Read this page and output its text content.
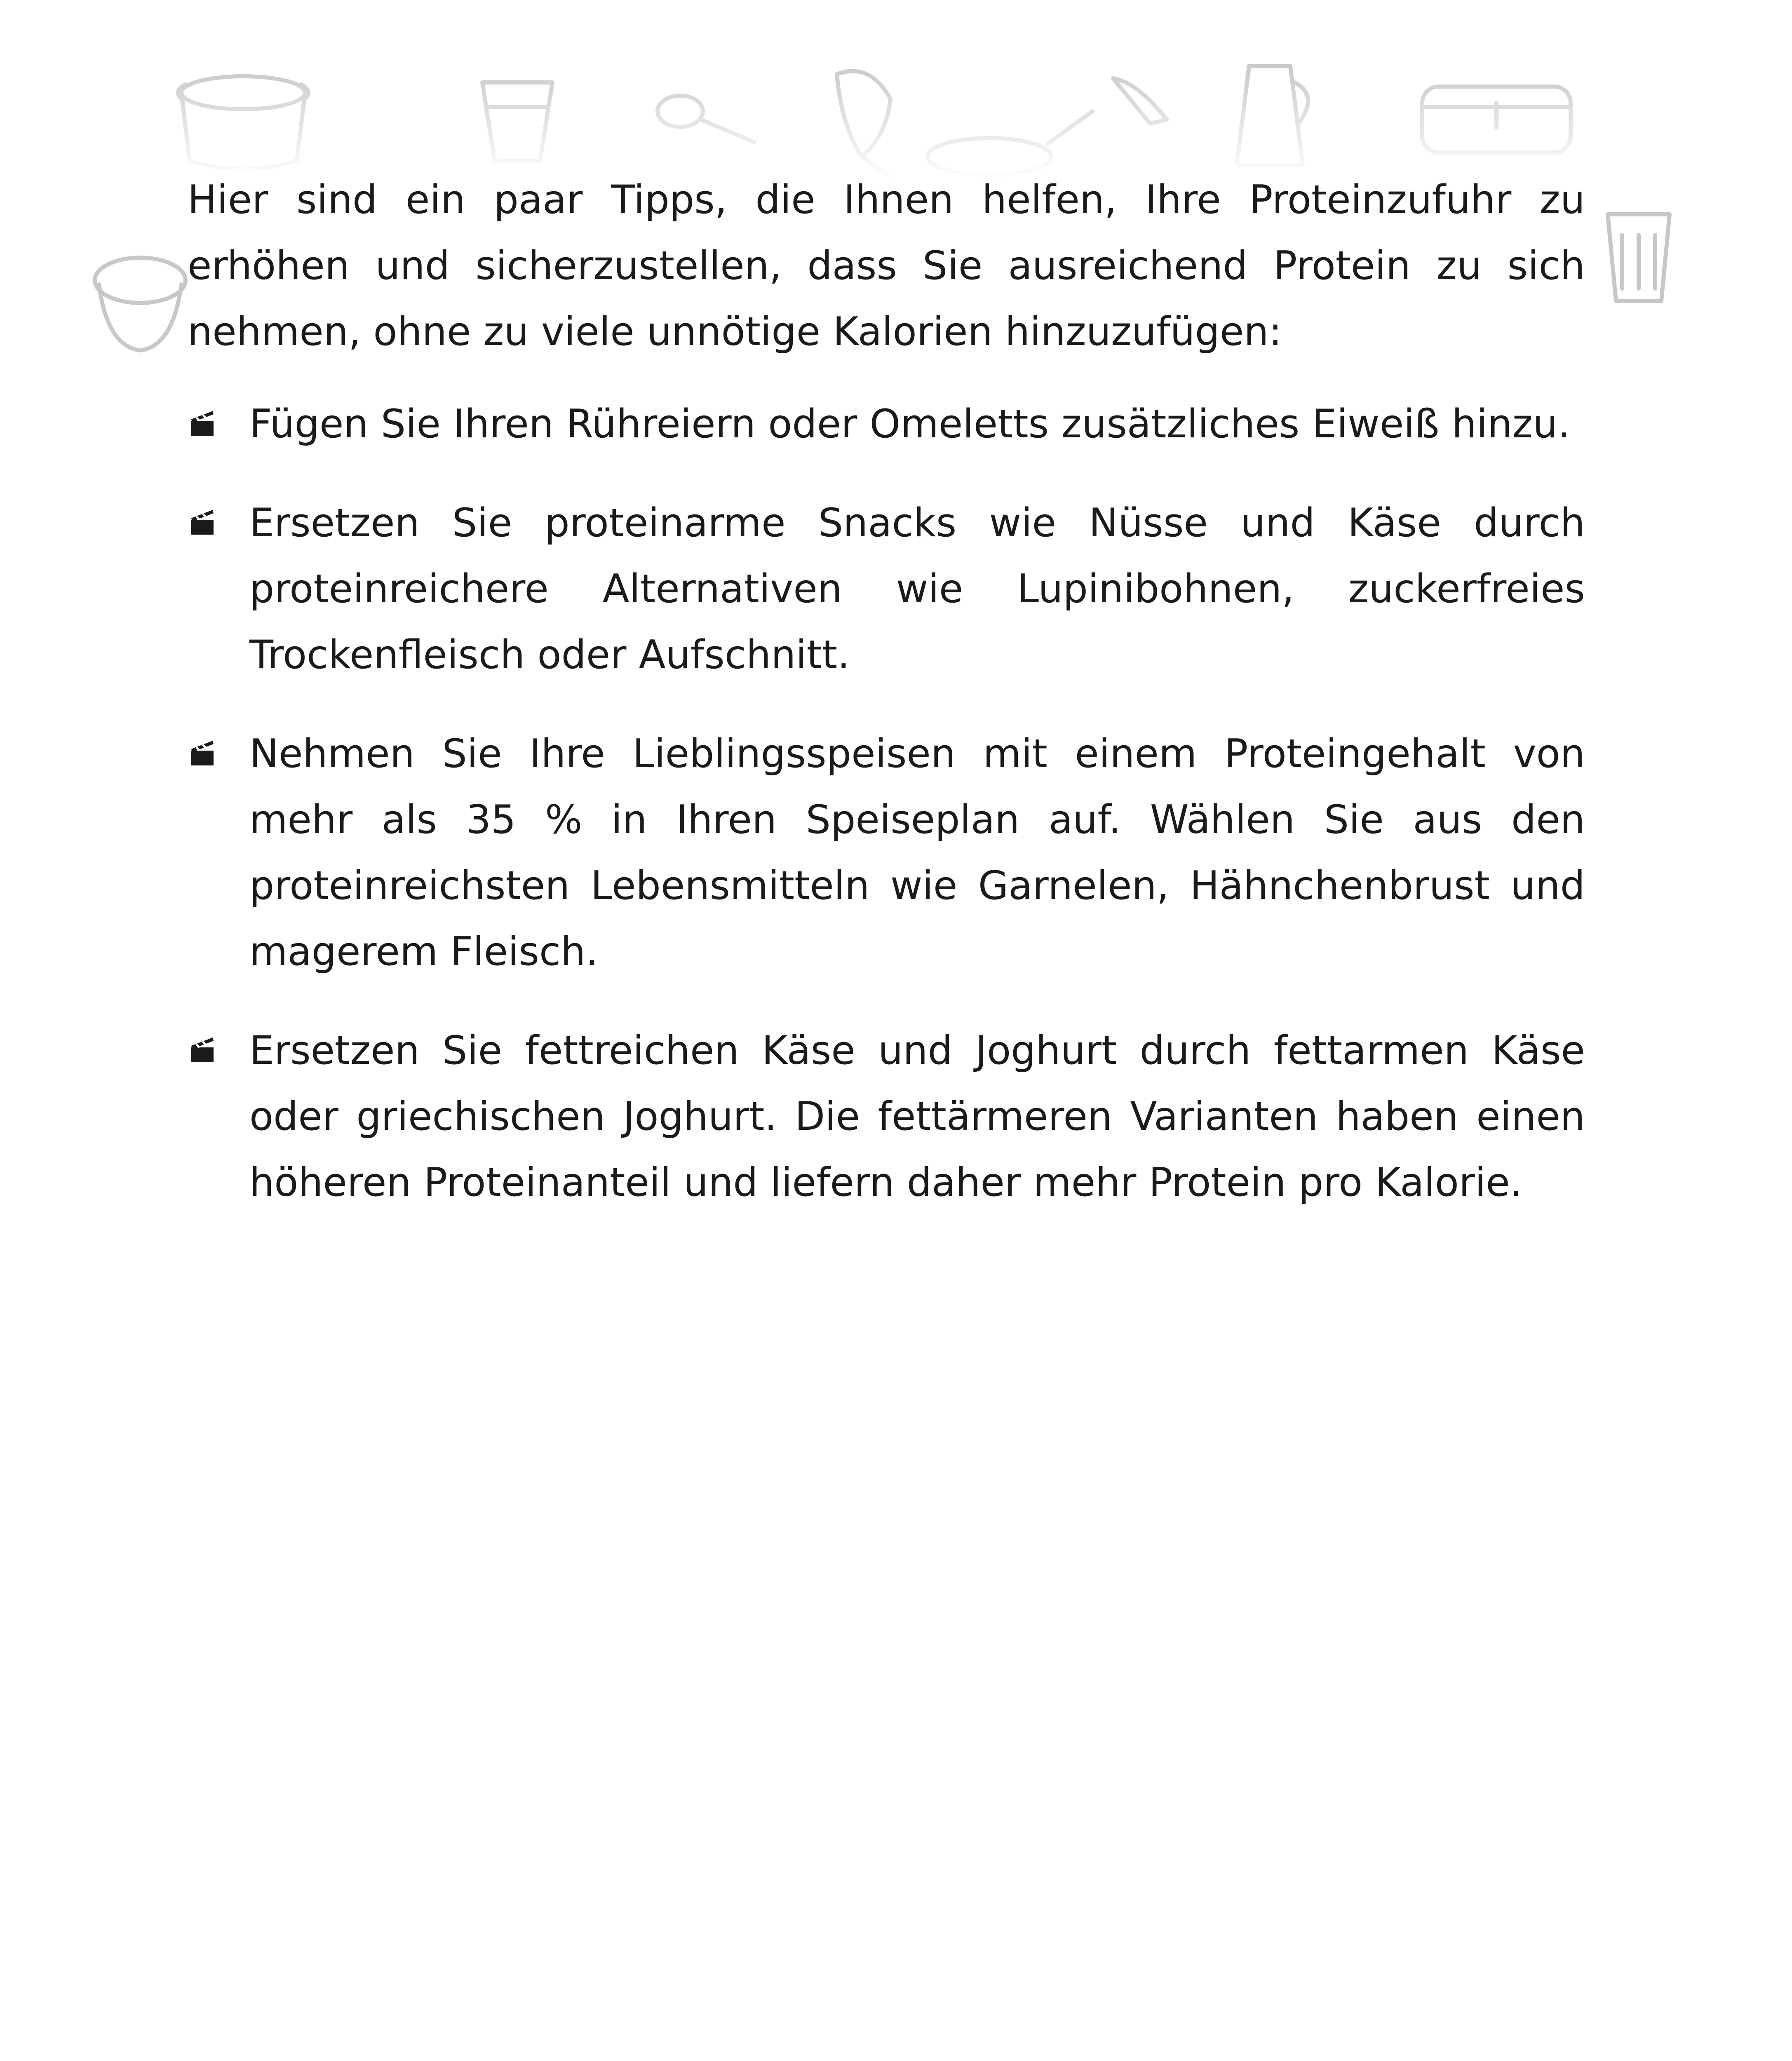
Hier sind ein paar Tipps, die Ihnen helfen, Ihre Proteinzufuhr zu erhöhen und sicherzustellen, dass Sie ausreichend Protein zu sich nehmen, ohne zu viele unnötige Kalorien hinzuzufügen:

Fügen Sie Ihren Rühreiern oder Omeletts zusätzliches Eiweiß hinzu.
Ersetzen Sie proteinarme Snacks wie Nüsse und Käse durch proteinreichere Alternativen wie Lupinibohnen, zuckerfreies Trockenfleisch oder Aufschnitt.
Nehmen Sie Ihre Lieblingsspeisen mit einem Proteingehalt von mehr als 35 % in Ihren Speiseplan auf. Wählen Sie aus den proteinreichsten Lebensmitteln wie Garnelen, Hähnchenbrust und magerem Fleisch.
Ersetzen Sie fettreichen Käse und Joghurt durch fettarmen Käse oder griechischen Joghurt. Die fettärmeren Varianten haben einen höheren Proteinanteil und liefern daher mehr Protein pro Kalorie.
